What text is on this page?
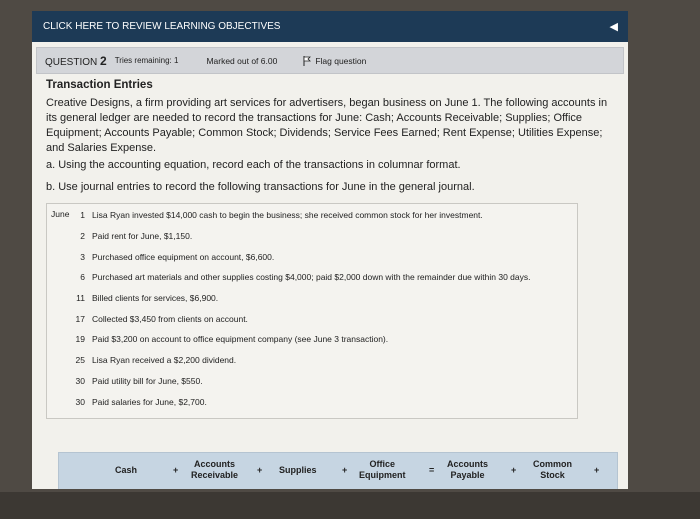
CLICK HERE TO REVIEW LEARNING OBJECTIVES	◀
QUESTION 2 Tries remaining: 1	Marked out of 6.00	Flag question

Transaction Entries

Creative Designs, a firm providing art services for advertisers, began business on June 1. The following accounts in its general ledger are needed to record the transactions for June: Cash; Accounts Receivable; Supplies; Office Equipment; Accounts Payable; Common Stock; Dividends; Service Fees Earned; Rent Expense; Utilities Expense; and Salaries Expense.

a. Using the accounting equation, record each of the transactions in columnar format.

b. Use journal entries to record the following transactions for June in the general journal.

Cash	+
Accounts
Receivable + Supplies	+
Office
Equipment	=
Accounts
Payable	+
Common
Stock	+
June	1 Lisa Ryan invested $14,000 cash to begin the business; she received common stock for her investment.
2 Paid rent for June, $1,150.
3 Purchased office equipment on account, $6,600.
6 Purchased art materials and other supplies costing $4,000; paid $2,000 down with the remainder due within 30 days.
11 Billed clients for services, $6,900.
17 Collected $3,450 from clients on account.
19 Paid $3,200 on account to office equipment company (see June 3 transaction).
25 Lisa Ryan received a $2,200 dividend.
30 Paid utility bill for June, $550.
30 Paid salaries for June, $2,700.
